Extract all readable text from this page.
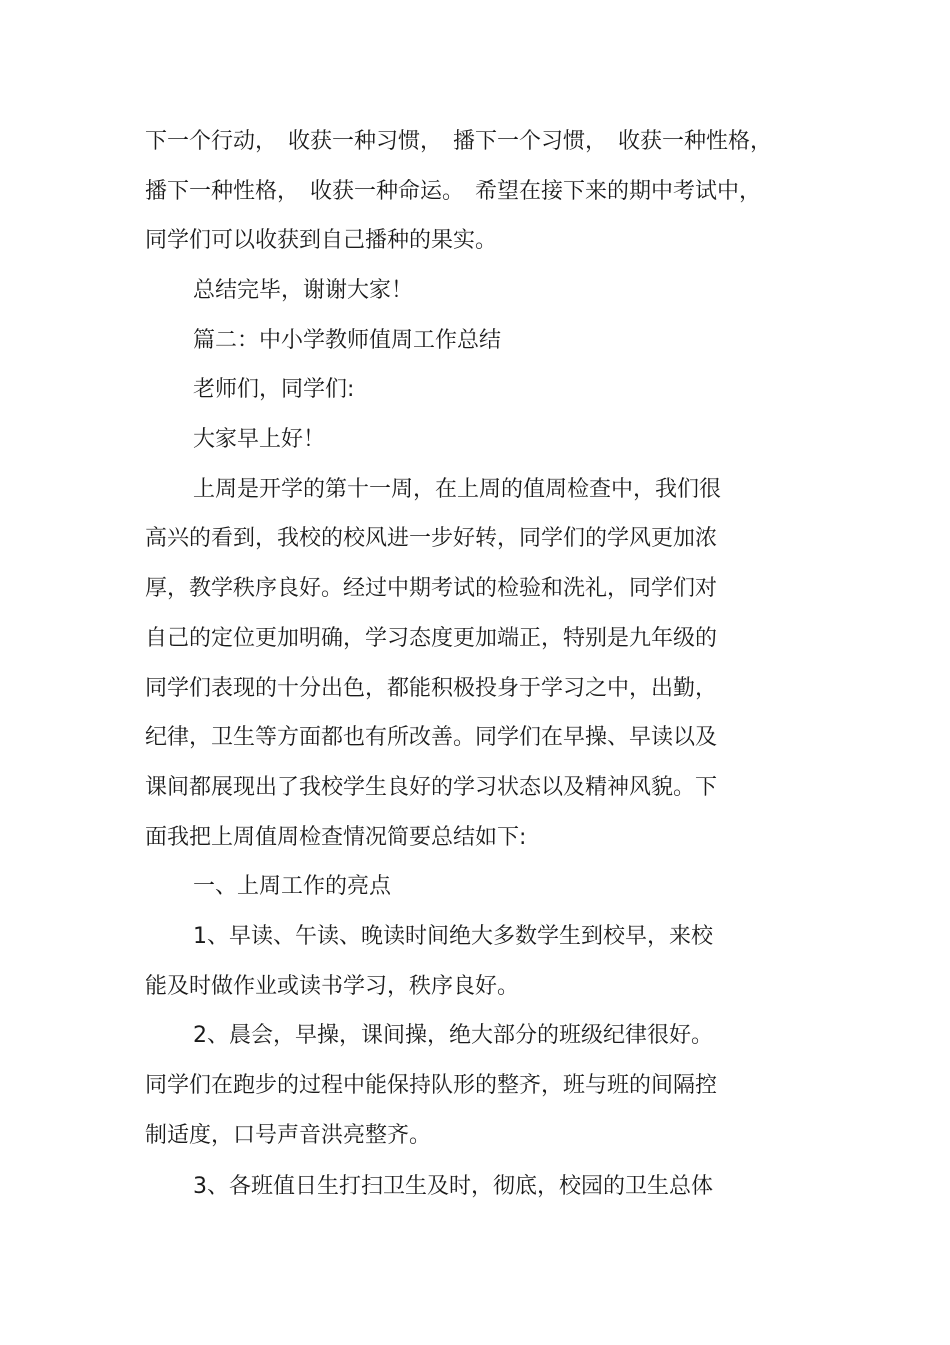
下一个行动，　收获一种习惯，　播下一个习惯，　收获一种性格，
播下一种性格，　收获一种命运。　希望在接下来的期中考试中，
同学们可以收获到自己播种的果实。
总结完毕，谢谢大家！
篇二：中小学教师值周工作总结
老师们，同学们:
大家早上好！
上周是开学的第十一周，在上周的值周检查中，我们很
高兴的看到，我校的校风进一步好转，同学们的学风更加浓
厚，教学秩序良好。经过中期考试的检验和洗礼，同学们对
自己的定位更加明确，学习态度更加端正，特别是九年级的
同学们表现的十分出色，都能积极投身于学习之中，出勤，
纪律，卫生等方面都也有所改善。同学们在早操、早读以及
课间都展现出了我校学生良好的学习状态以及精神风貌。下
面我把上周值周检查情况简要总结如下:
一、上周工作的亮点
1、早读、午读、晚读时间绝大多数学生到校早，来校
能及时做作业或读书学习，秩序良好。
2、晨会，早操，课间操，绝大部分的班级纪律很好。
同学们在跑步的过程中能保持队形的整齐，班与班的间隔控
制适度，口号声音洪亮整齐。
3、各班值日生打扫卫生及时，彻底，校园的卫生总体
